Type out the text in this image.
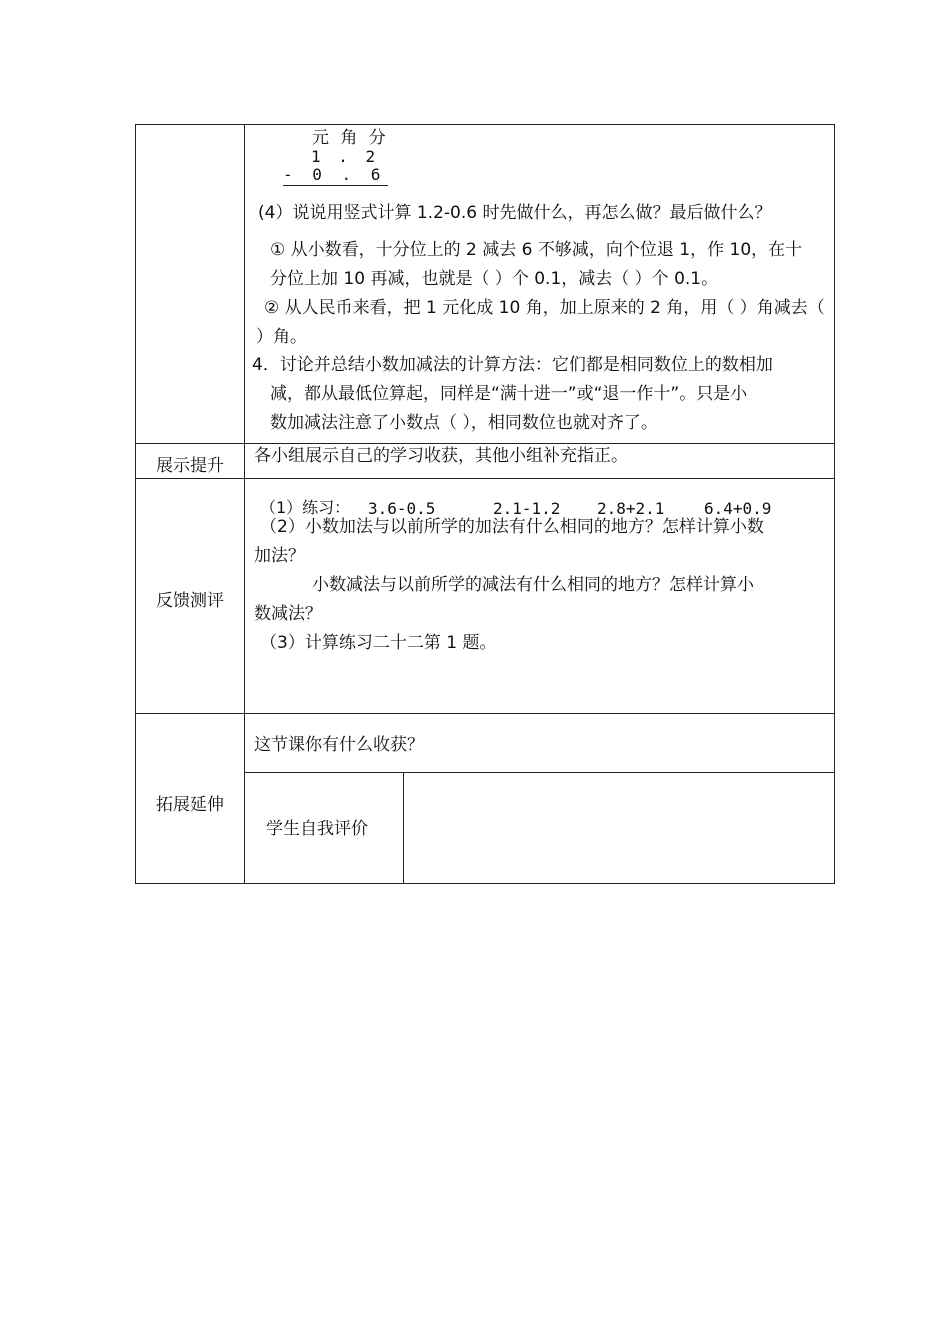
元 角 分
1 . 2
- 0 . 6
(4）说说用竖式计算 1.2-0.6 时先做什么，再怎么做？最后做什么？
① 从小数看，十分位上的 2 减去 6 不够减，向个位退 1，作 10，在十
分位上加 10 再减，也就是（ ）个 0.1，减去（ ）个 0.1。
② 从人民币来看，把 1 元化成 10 角，加上原来的 2 角，用（ ）角减去（
）角。
4．讨论并总结小数加减法的计算方法：它们都是相同数位上的数相加
减，都从最低位算起，同样是“满十进一”或“退一作十”。只是小
数加减法注意了小数点（ ），相同数位也就对齐了。
展示提升	各小组展示自己的学习收获，其他小组补充指正。
反馈测评
（1）练习： 3.6-0.5	2.1-1.2 2.8+2.1 6.4+0.9
（2）小数加法与以前所学的加法有什么相同的地方？怎样计算小数
加法？
小数减法与以前所学的减法有什么相同的地方？怎样计算小
数减法？
（3）计算练习二十二第 1 题。
拓展延伸
这节课你有什么收获？
学生自我评价
